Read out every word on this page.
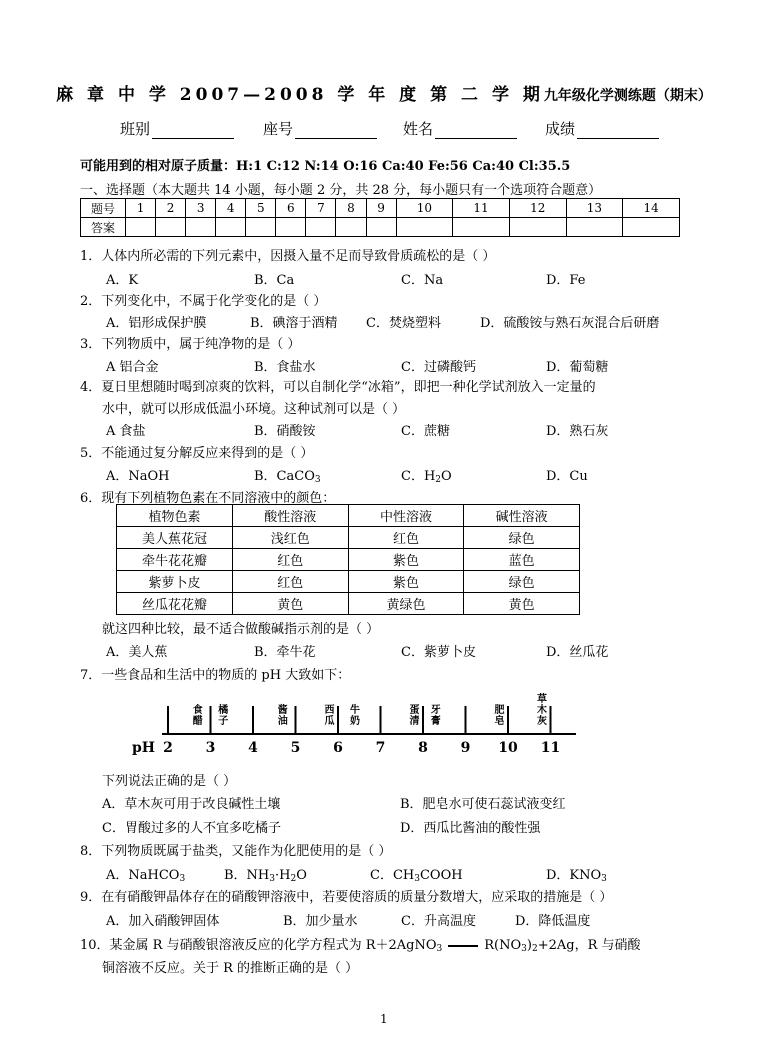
麻 章 中 学 2007—2008 学 年 度 第 二 学 期九年级化学测练题（期末）
班别	座号	姓名	成绩
可能用到的相对原子质量：H:1 C:12 N:14 O:16 Ca:40 Fe:56 Ca:40 Cl:35.5
一、选择题（本大题共 14 小题，每小题 2 分，共 28 分，每小题只有一个选项符合题意）
题号	1	2	3	4	5	6	7	8	9	10	11	12	13	14
答案														
1．人体内所必需的下列元素中，因摄入量不足而导致骨质疏松的是（ ）
A．K	B．Ca	C．Na	D．Fe
2．下列变化中，不属于化学变化的是（ ）
A．铝形成保护膜	B．碘溶于酒精 C．焚烧塑料	D．硫酸铵与熟石灰混合后研磨
3．下列物质中，属于纯净物的是（ ）
A 铝合金	B．食盐水	C．过磷酸钙	D．葡萄糖
4．夏日里想随时喝到凉爽的饮料，可以自制化学“冰箱”，即把一种化学试剂放入一定量的
水中，就可以形成低温小环境。这种试剂可以是（ ）
A 食盐	B．硝酸铵	C．蔗糖	D．熟石灰
5．不能通过复分解反应来得到的是（ ）
A．NaOH	B．CaCO$_3$	C．$H_2O$	D．Cu
6．现有下列植物色素在不同溶液中的颜色：
植物色素	酸性溶液	中性溶液	碱性溶液
美人蕉花冠	浅红色	红色	绿色
牵牛花花瓣	红色	紫色	蓝色
紫萝卜皮	红色	紫色	绿色
丝瓜花花瓣	黄色	黄绿色	黄色
就这四种比较，最不适合做酸碱指示剂的是（ ）
A．美人蕉	B．牵牛花	C．紫萝卜皮	D．丝瓜花
7．一些食品和生活中的物质的 pH 大致如下：
pH 2 3 4 5 6 7 8 9 10 11
食
醋
橘
子
酱
油
西
瓜
牛
奶
蛋
清
牙
膏
肥
皂
草
木
灰
下列说法正确的是（ ）
A．草木灰可用于改良碱性土壤	B．肥皂水可使石蕊试液变红
C．胃酸过多的人不宜多吃橘子	D．西瓜比酱油的酸性强
8．下列物质既属于盐类，又能作为化肥使用的是（ ）
A．NaHCO$_3$	B．$NH_3\cdot H_2O$	C．$CH_3COOH$	D．$KNO_3$
9．在有硝酸钾晶体存在的硝酸钾溶液中，若要使溶质的质量分数增大，应采取的措施是（ ）
A．加入硝酸钾固体	B．加少量水	C．升高温度	D．降低温度
10．某金属 R 与硝酸银溶液反应的化学方程式为 R＋2AgNO$_3$	$R(NO_3)_2+2Ag$，R 与硝酸
铜溶液不反应。关于 R 的推断正确的是（ ）
1
